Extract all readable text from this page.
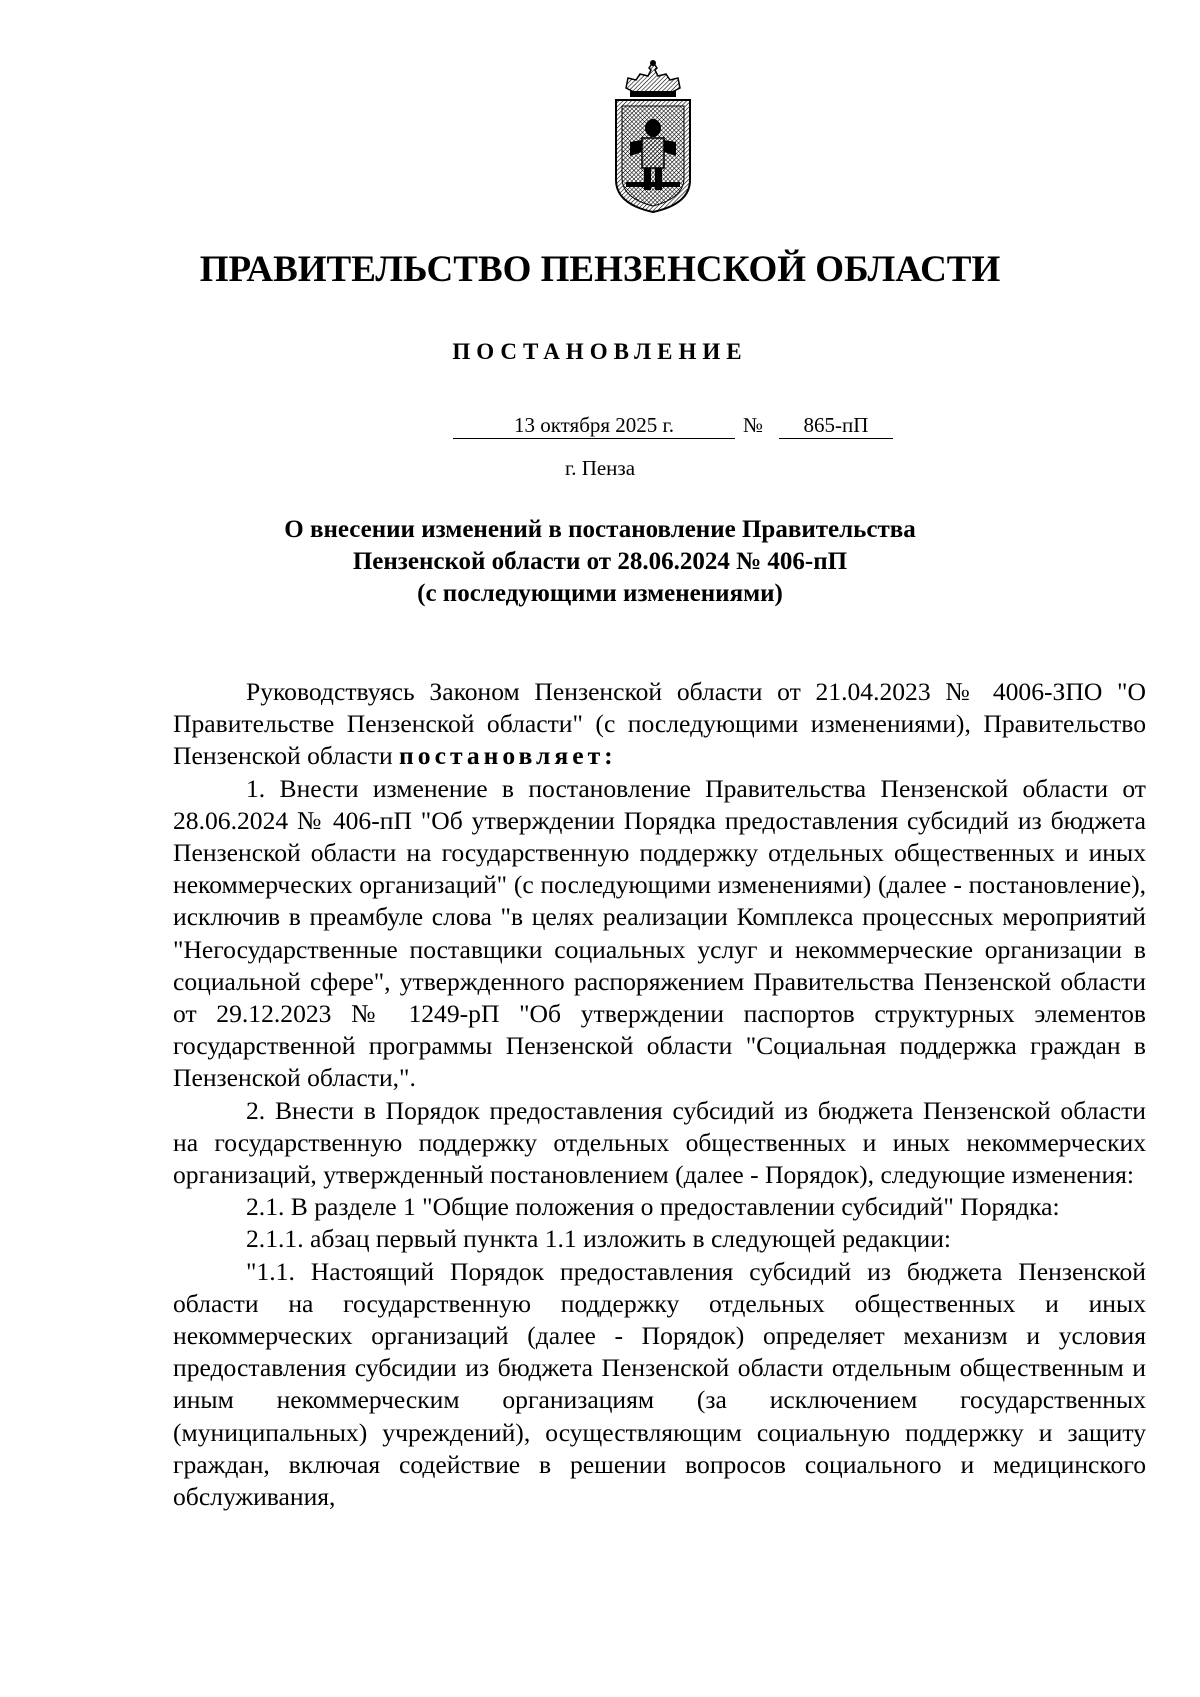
ПРАВИТЕЛЬСТВО ПЕНЗЕНСКОЙ ОБЛАСТИ
ПОСТАНОВЛЕНИЕ
13 октября 2025 г.	№	865-пП
г. Пенза
О внесении изменений в постановление Правительства
Пензенской области от 28.06.2024 № 406-пП
(с последующими изменениями)

Руководствуясь Законом Пензенской области от 21.04.2023 № 4006-ЗПО "О Правительстве Пензенской области" (с последующими изменениями), Правительство Пензенской области постановляет:

1. Внести изменение в постановление Правительства Пензенской области от 28.06.2024 № 406-пП "Об утверждении Порядка предоставления субсидий из бюджета Пензенской области на государственную поддержку отдельных общественных и иных некоммерческих организаций" (с последующими изменениями) (далее - постановление), исключив в преамбуле слова "в целях реализации Комплекса процессных мероприятий "Негосударственные поставщики социальных услуг и некоммерческие организации в социальной сфере", утвержденного распоряжением Правительства Пензенской области от 29.12.2023 № 1249-рП "Об утверждении паспортов структурных элементов государственной программы Пензенской области "Социальная поддержка граждан в Пензенской области,".

2. Внести в Порядок предоставления субсидий из бюджета Пензенской области на государственную поддержку отдельных общественных и иных некоммерческих организаций, утвержденный постановлением (далее - Порядок), следующие изменения:

2.1. В разделе 1 "Общие положения о предоставлении субсидий" Порядка:

2.1.1. абзац первый пункта 1.1 изложить в следующей редакции:

"1.1. Настоящий Порядок предоставления субсидий из бюджета Пензенской области на государственную поддержку отдельных общественных и иных некоммерческих организаций (далее - Порядок) определяет механизм и условия предоставления субсидии из бюджета Пензенской области отдельным общественным и иным некоммерческим организациям (за исключением государственных (муниципальных) учреждений), осуществляющим социальную поддержку и защиту граждан, включая содействие в решении вопросов социального и медицинского обслуживания,
